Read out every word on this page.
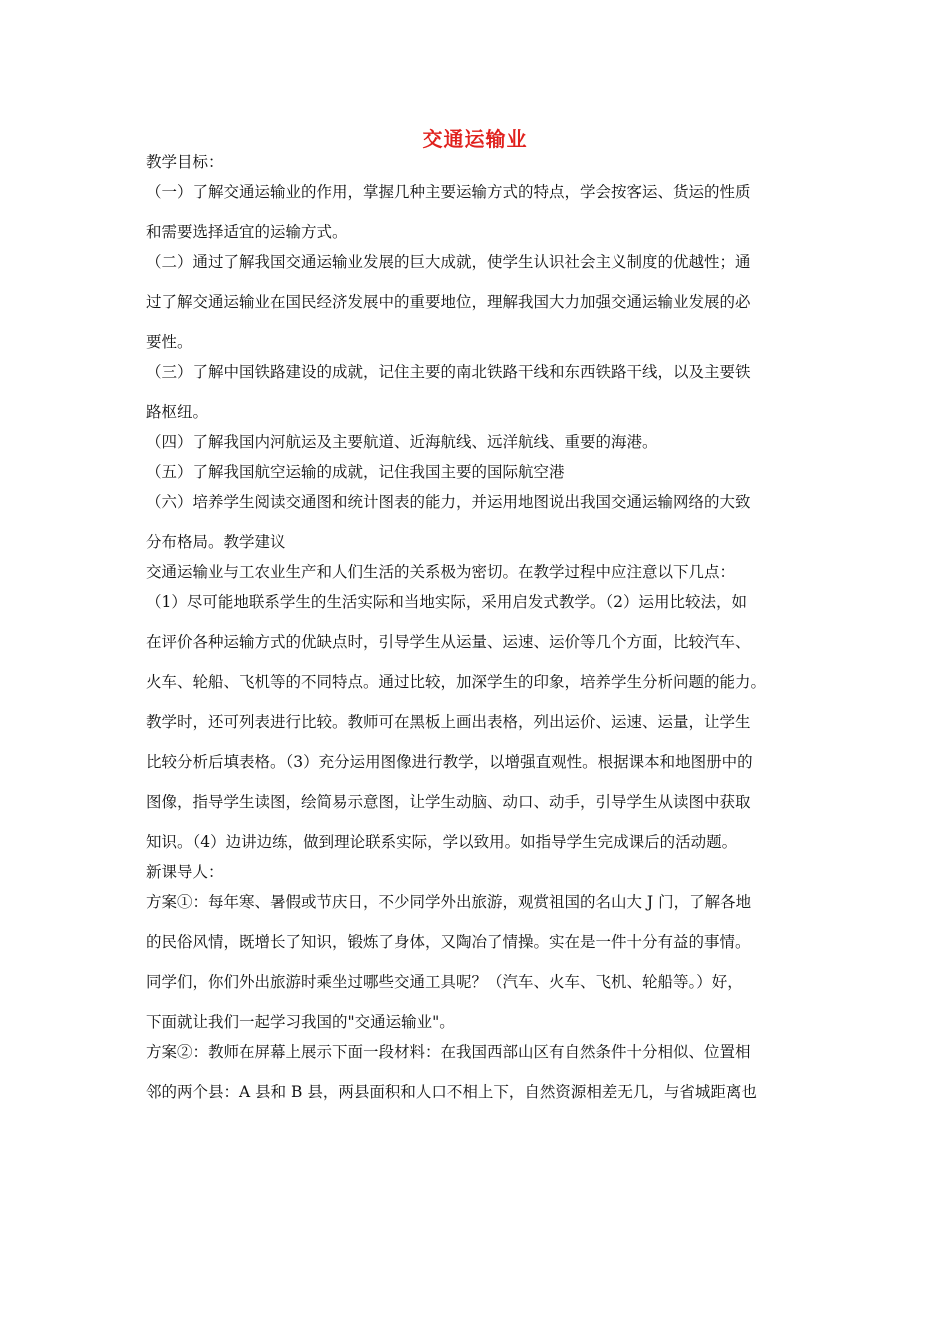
交通运输业
教学目标：
（一）了解交通运输业的作用，掌握几种主要运输方式的特点，学会按客运、货运的性质
和需要选择适宜的运输方式。
（二）通过了解我国交通运输业发展的巨大成就，使学生认识社会主义制度的优越性；通
过了解交通运输业在国民经济发展中的重要地位，理解我国大力加强交通运输业发展的必
要性。
（三）了解中国铁路建设的成就，记住主要的南北铁路干线和东西铁路干线，以及主要铁
路枢纽。
（四）了解我国内河航运及主要航道、近海航线、远洋航线、重要的海港。
（五）了解我国航空运输的成就，记住我国主要的国际航空港
（六）培养学生阅读交通图和统计图表的能力，并运用地图说出我国交通运输网络的大致
分布格局。教学建议
交通运输业与工农业生产和人们生活的关系极为密切。在教学过程中应注意以下几点：
（1）尽可能地联系学生的生活实际和当地实际，采用启发式教学。（2）运用比较法，如
在评价各种运输方式的优缺点时，引导学生从运量、运速、运价等几个方面，比较汽车、
火车、轮船、飞机等的不同特点。通过比较，加深学生的印象，培养学生分析问题的能力。
教学时，还可列表进行比较。教师可在黑板上画出表格，列出运价、运速、运量，让学生
比较分析后填表格。（3）充分运用图像进行教学，以增强直观性。根据课本和地图册中的
图像，指导学生读图，绘简易示意图，让学生动脑、动口、动手，引导学生从读图中获取
知识。（4）边讲边练，做到理论联系实际，学以致用。如指导学生完成课后的活动题。
新课导人：
方案①：每年寒、暑假或节庆日，不少同学外出旅游，观赏祖国的名山大 J 门，了解各地
的民俗风情，既增长了知识，锻炼了身体，又陶冶了情操。实在是一件十分有益的事情。
同学们，你们外出旅游时乘坐过哪些交通工具呢？（汽车、火车、飞机、轮船等。）好，
下面就让我们一起学习我国的"交通运输业"。
方案②：教师在屏幕上展示下面一段材料：在我国西部山区有自然条件十分相似、位置相
邻的两个县：A 县和 B 县，两县面积和人口不相上下，自然资源相差无几，与省城距离也
